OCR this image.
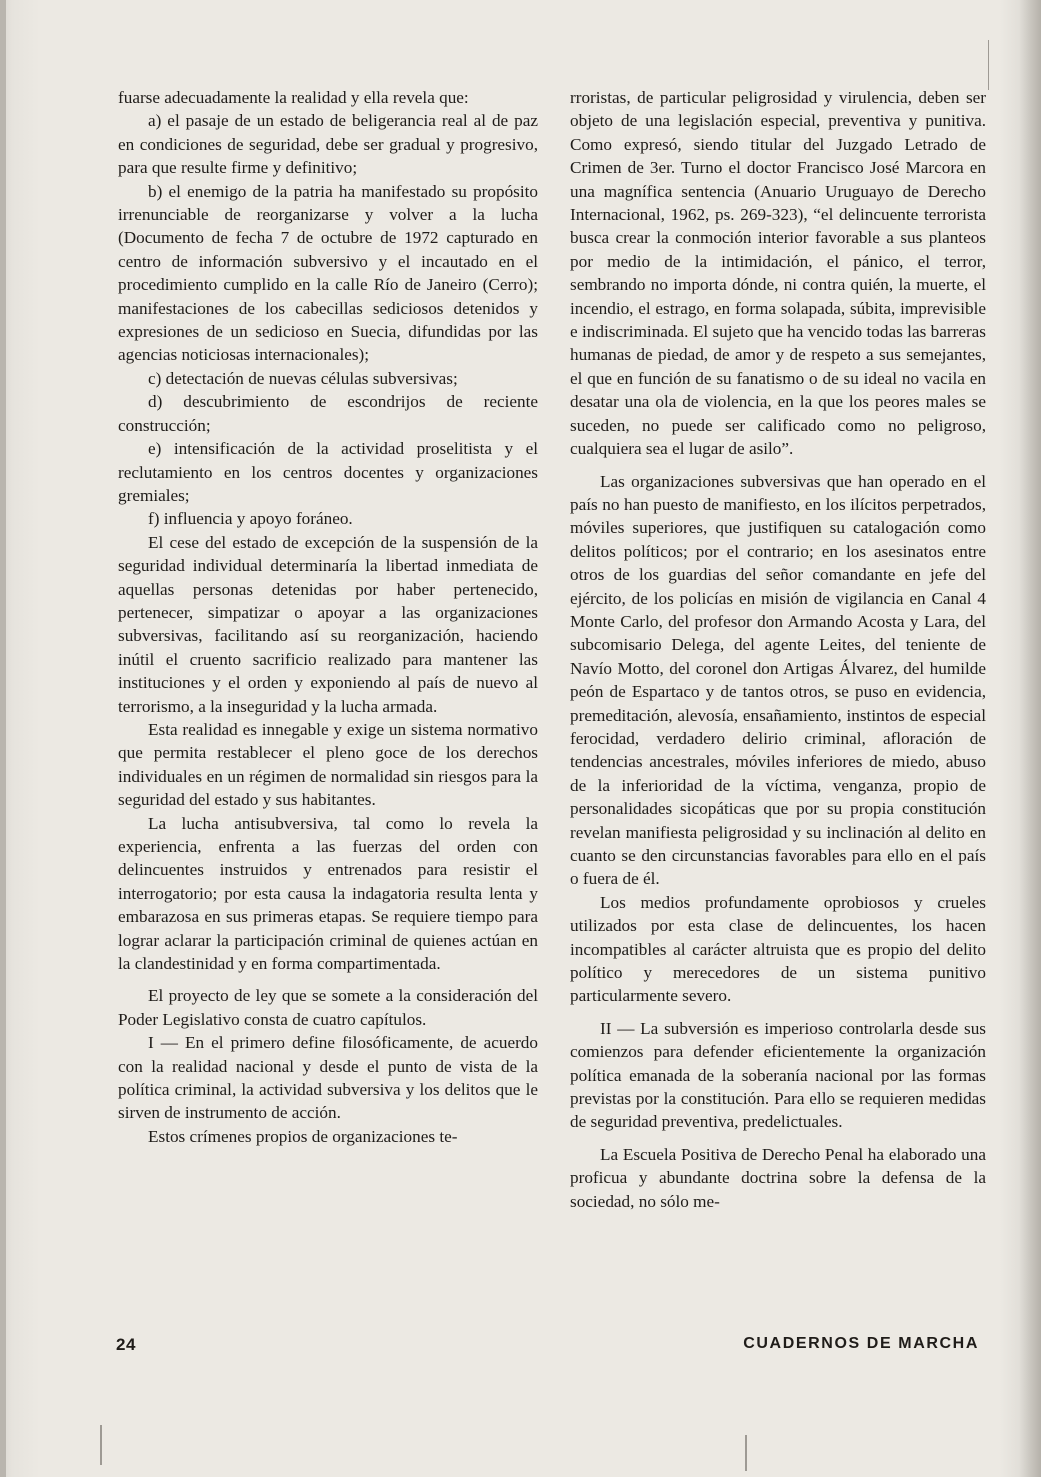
fuarse adecuadamente la realidad y ella revela que:

a) el pasaje de un estado de beligerancia real al de paz en condiciones de seguridad, debe ser gradual y progresivo, para que resulte firme y definitivo;

b) el enemigo de la patria ha manifestado su propósito irrenunciable de reorganizarse y volver a la lucha (Documento de fecha 7 de octubre de 1972 capturado en centro de información subversivo y el incautado en el procedimiento cumplido en la calle Río de Janeiro (Cerro); manifestaciones de los cabecillas sediciosos detenidos y expresiones de un sedicioso en Suecia, difundidas por las agencias noticiosas internacionales);

c) detectación de nuevas células subversivas;

d) descubrimiento de escondrijos de reciente construcción;

e) intensificación de la actividad proselitista y el reclutamiento en los centros docentes y organizaciones gremiales;

f) influencia y apoyo foráneo.

El cese del estado de excepción de la suspensión de la seguridad individual determinaría la libertad inmediata de aquellas personas detenidas por haber pertenecido, pertenecer, simpatizar o apoyar a las organizaciones subversivas, facilitando así su reorganización, haciendo inútil el cruento sacrificio realizado para mantener las instituciones y el orden y exponiendo al país de nuevo al terrorismo, a la inseguridad y la lucha armada.

Esta realidad es innegable y exige un sistema normativo que permita restablecer el pleno goce de los derechos individuales en un régimen de normalidad sin riesgos para la seguridad del estado y sus habitantes.

La lucha antisubversiva, tal como lo revela la experiencia, enfrenta a las fuerzas del orden con delincuentes instruidos y entrenados para resistir el interrogatorio; por esta causa la indagatoria resulta lenta y embarazosa en sus primeras etapas. Se requiere tiempo para lograr aclarar la participación criminal de quienes actúan en la clandestinidad y en forma compartimentada.

El proyecto de ley que se somete a la consideración del Poder Legislativo consta de cuatro capítulos.

I — En el primero define filosóficamente, de acuerdo con la realidad nacional y desde el punto de vista de la política criminal, la actividad subversiva y los delitos que le sirven de instrumento de acción.

Estos crímenes propios de organizaciones te-

rroristas, de particular peligrosidad y virulencia, deben ser objeto de una legislación especial, preventiva y punitiva. Como expresó, siendo titular del Juzgado Letrado de Crimen de 3er. Turno el doctor Francisco José Marcora en una magnífica sentencia (Anuario Uruguayo de Derecho Internacional, 1962, ps. 269-323), “el delincuente terrorista busca crear la conmoción interior favorable a sus planteos por medio de la intimidación, el pánico, el terror, sembrando no importa dónde, ni contra quién, la muerte, el incendio, el estrago, en forma solapada, súbita, imprevisible e indiscriminada. El sujeto que ha vencido todas las barreras humanas de piedad, de amor y de respeto a sus semejantes, el que en función de su fanatismo o de su ideal no vacila en desatar una ola de violencia, en la que los peores males se suceden, no puede ser calificado como no peligroso, cualquiera sea el lugar de asilo”.

Las organizaciones subversivas que han operado en el país no han puesto de manifiesto, en los ilícitos perpetrados, móviles superiores, que justifiquen su catalogación como delitos políticos; por el contrario; en los asesinatos entre otros de los guardias del señor comandante en jefe del ejército, de los policías en misión de vigilancia en Canal 4 Monte Carlo, del profesor don Armando Acosta y Lara, del subcomisario Delega, del agente Leites, del teniente de Navío Motto, del coronel don Artigas Álvarez, del humilde peón de Espartaco y de tantos otros, se puso en evidencia, premeditación, alevosía, ensañamiento, instintos de especial ferocidad, verdadero delirio criminal, afloración de tendencias ancestrales, móviles inferiores de miedo, abuso de la inferioridad de la víctima, venganza, propio de personalidades sicopáticas que por su propia constitución revelan manifiesta peligrosidad y su inclinación al delito en cuanto se den circunstancias favorables para ello en el país o fuera de él.

Los medios profundamente oprobiosos y crueles utilizados por esta clase de delincuentes, los hacen incompatibles al carácter altruista que es propio del delito político y merecedores de un sistema punitivo particularmente severo.

II — La subversión es imperioso controlarla desde sus comienzos para defender eficientemente la organización política emanada de la soberanía nacional por las formas previstas por la constitución. Para ello se requieren medidas de seguridad preventiva, predelictuales.

La Escuela Positiva de Derecho Penal ha elaborado una proficua y abundante doctrina sobre la defensa de la sociedad, no sólo me-

24	CUADERNOS DE MARCHA
